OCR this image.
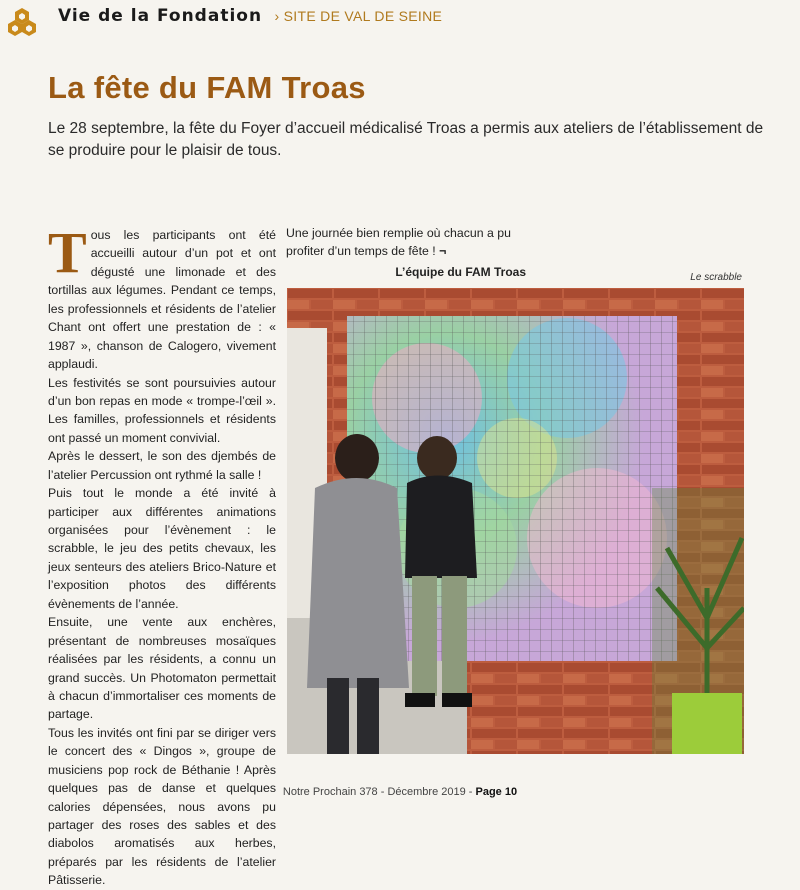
Vie de la Fondation › SITE DE VAL DE SEINE
La fête du FAM Troas

Le 28 septembre, la fête du Foyer d’accueil médicalisé Troas a permis aux ateliers de l’établissement de se produire pour le plaisir de tous.

Tous les participants ont été accueilli autour d’un pot et ont dégusté une limonade et des tortillas aux légumes. Pendant ce temps, les professionnels et résidents de l’atelier Chant ont offert une prestation de : « 1987 », chanson de Calogero, vivement applaudi.

Les festivités se sont poursuivies autour d’un bon repas en mode « trompe-l’œil ». Les familles, professionnels et résidents ont passé un moment convivial.

Après le dessert, le son des djembés de l’atelier Percussion ont rythmé la salle !

Puis tout le monde a été invité à participer aux différentes animations organisées pour l’évènement : le scrabble, le jeu des petits chevaux, les jeux senteurs des ateliers Brico-Nature et l’exposition photos des différents évènements de l’année.

Ensuite, une vente aux enchères, présentant de nombreuses mosaïques réalisées par les résidents, a connu un grand succès. Un Photomaton permettait à chacun d’immortaliser ces moments de partage.

Tous les invités ont fini par se diriger vers le concert des « Dingos », groupe de musiciens pop rock de Béthanie ! Après quelques pas de danse et quelques calories dépensées, nous avons pu partager des roses des sables et des diabolos aromatisés aux herbes, préparés par les résidents de l’atelier Pâtisserie.

Une journée bien remplie où chacun a pu profiter d’un temps de fête ! ¬

L’équipe du FAM Troas	Le scrabble
Notre Prochain 378 - Décembre 2019 - Page 10
